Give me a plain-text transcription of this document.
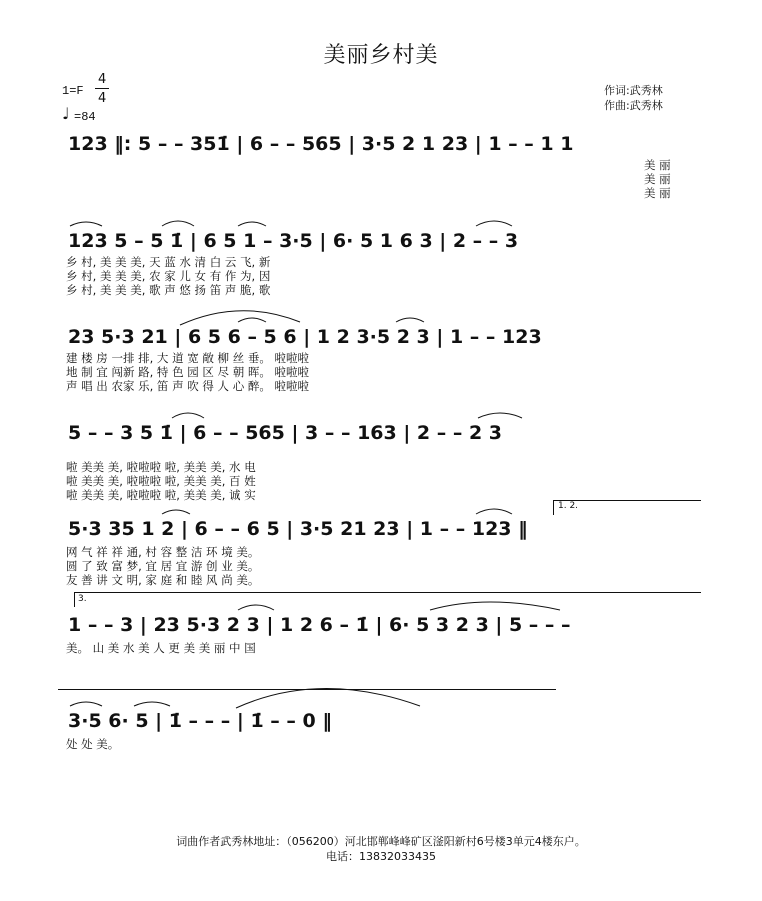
美丽乡村美
1=F
4
4
♩ =84
作词:武秀林
作曲:武秀林
123 ‖: 5 – – 351̇ | 6 – – 565 | 3·5 2 1 23 | 1 – – 1 1
美 丽
美 丽
美 丽
123 5 – 5 1̇ | 6 5 1 – 3·5 | 6· 5 1 6 3 | 2 – – 3
乡 村, 美 美 美, 天 蓝 水 清 白 云 飞, 新
乡 村, 美 美 美, 农 家 儿 女 有 作 为, 因
乡 村, 美 美 美, 歌 声 悠 扬 笛 声 脆, 歌
23 5·3 21 | 6 5 6 – 5 6 | 1 2 3·5 2 3 | 1 – – 123
建 楼 房 一排 排, 大 道 宽 敞 柳 丝 垂。 啦啦啦
地 制 宜 闯新 路, 特 色 园 区 尽 朝 晖。 啦啦啦
声 唱 出 农家 乐, 笛 声 吹 得 人 心 醉。 啦啦啦
5 – – 3 5 1̇ | 6 – – 565 | 3 – – 163 | 2 – – 2 3
啦 美美 美, 啦啦啦 啦, 美美 美, 水 电
啦 美美 美, 啦啦啦 啦, 美美 美, 百 姓
啦 美美 美, 啦啦啦 啦, 美美 美, 诚 实
1. 2.
5·3 35 1 2 | 6 – – 6 5 | 3·5 21 23 | 1 – – 123 ‖
网 气 祥 祥 通, 村 容 整 洁 环 境 美。
圆 了 致 富 梦, 宜 居 宜 游 创 业 美。
友 善 讲 文 明, 家 庭 和 睦 风 尚 美。
3.
1 – – 3 | 23 5·3 2 3 | 1 2 6 – 1̇ | 6· 5 3 2 3 | 5 – – –
美。 山 美 水 美 人 更 美 美 丽 中 国
3·5 6· 5 | 1̇ – – – | 1̇ – – 0 ‖
处 处 美。
词曲作者武秀林地址：（056200）河北邯郸峰峰矿区滏阳新村6号楼3单元4楼东户。
电话：13832033435
